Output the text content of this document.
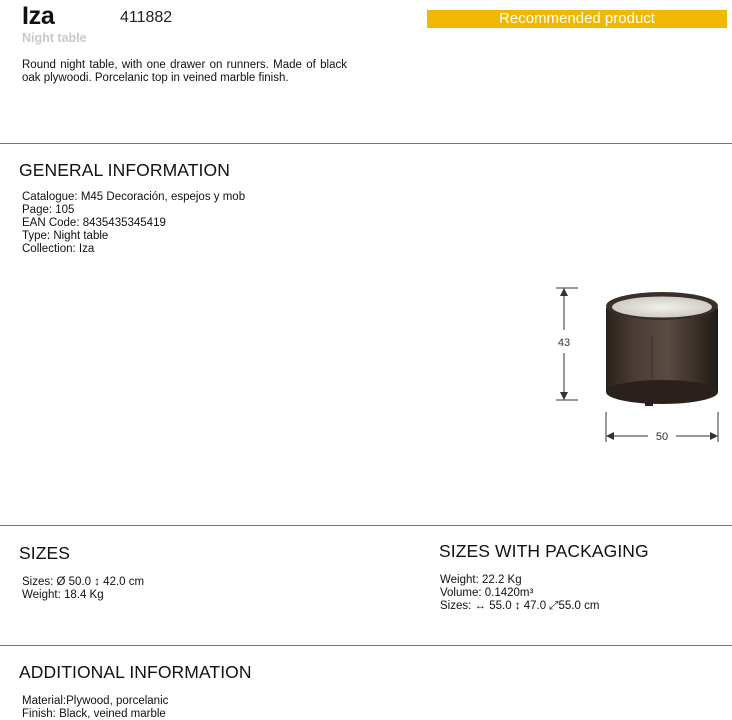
Iza	411882
Night table
Recommended product
Round night table, with one drawer on runners. Made of black oak plywoodi. Porcelanic top in veined marble finish.
GENERAL INFORMATION
Catalogue: M45 Decoración, espejos y mob
Page: 105
EAN Code: 8435435345419
Type: Night table
Collection: Iza
43
50
SIZES
Sizes: Ø 50.0 ↕ 42.0 cm
Weight: 18.4 Kg
SIZES WITH PACKAGING
Weight: 22.2 Kg
Volume: 0.1420m³
Sizes: ↔ 55.0 ↕ 47.0 ⤢55.0 cm
ADDITIONAL INFORMATION
Material:Plywood, porcelanic
Finish: Black, veined marble
